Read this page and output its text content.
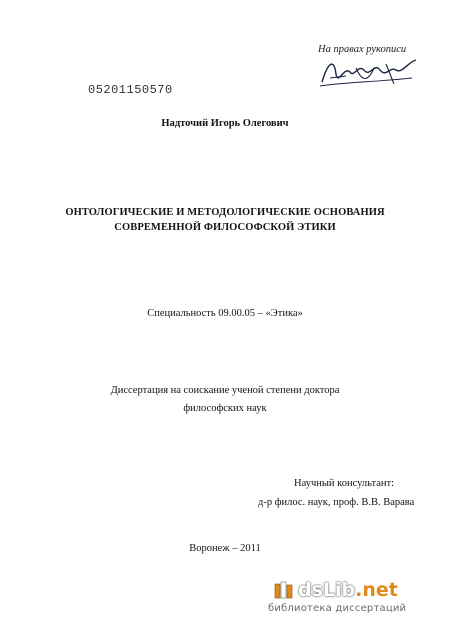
На правах рукописи
05201150570
Надточий Игорь Олегович
ОНТОЛОГИЧЕСКИЕ И МЕТОДОЛОГИЧЕСКИЕ ОСНОВАНИЯ
СОВРЕМЕННОЙ ФИЛОСОФСКОЙ ЭТИКИ
Специальность 09.00.05 – «Этика»
Диссертация на соискание ученой степени доктора
философских наук
Научный консультант:
д-р филос. наук, проф. В.В. Варава
Воронеж – 2011
dsLib.net
библиотека диссертаций
